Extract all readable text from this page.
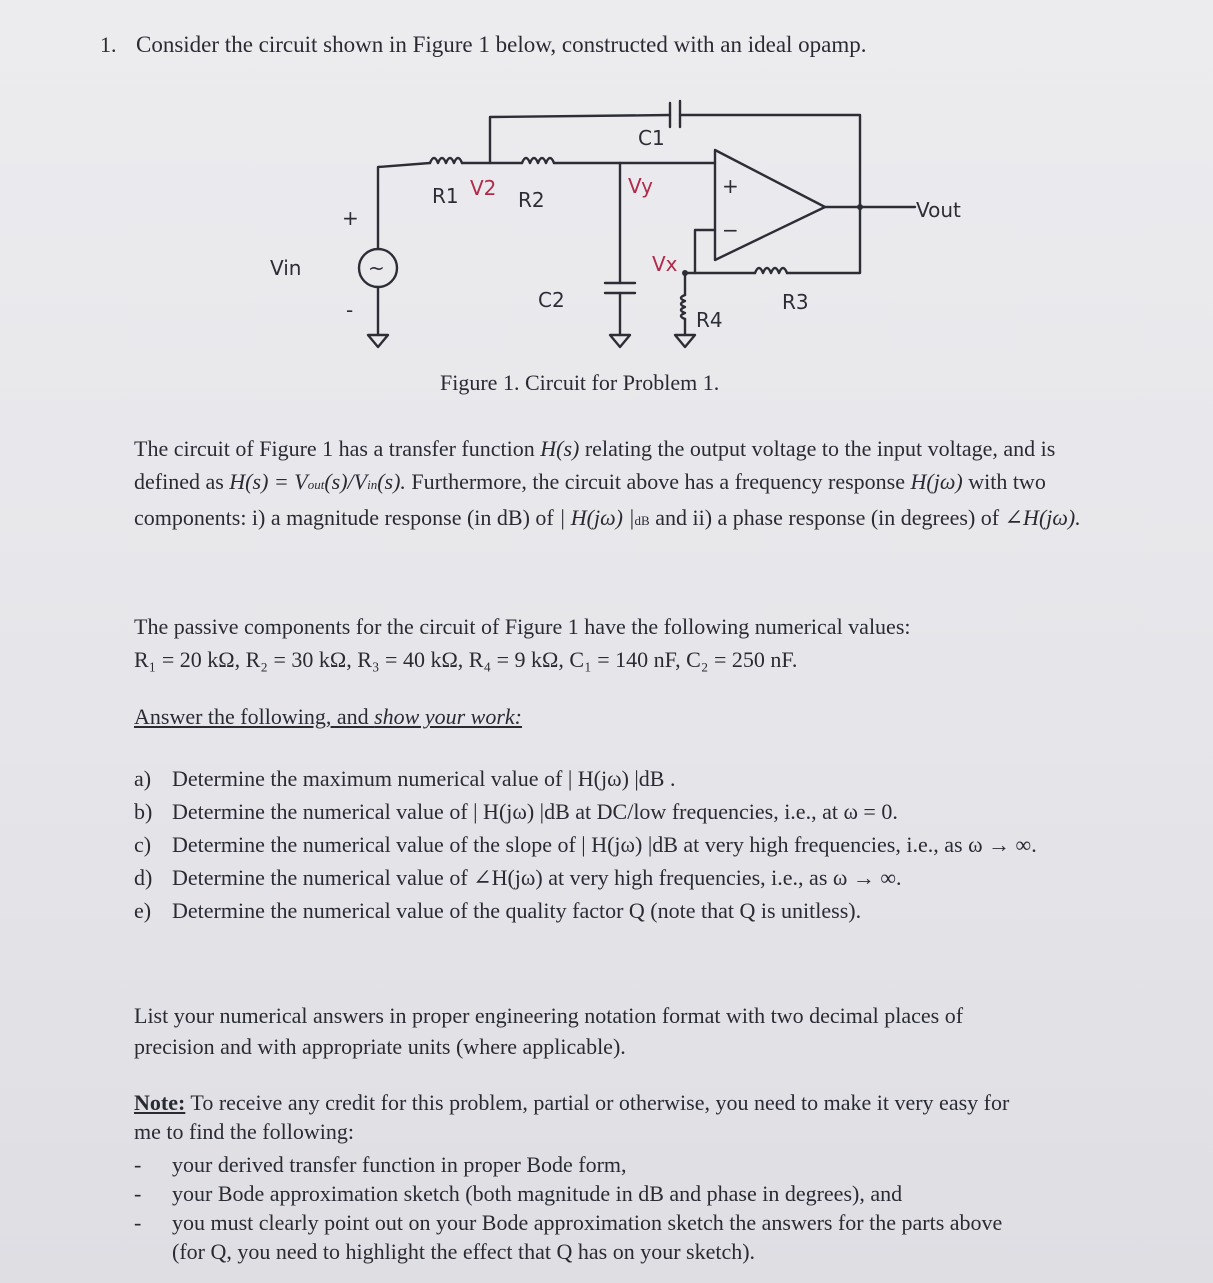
1. Consider the circuit shown in Figure 1 below, constructed with an ideal opamp.
Vin
+
-
~
R1 V2 R2
C1
Vy
Vx
C2
R4
R3
+
−
Vout
Figure 1. Circuit for Problem 1.
The circuit of Figure 1 has a transfer function H(s) relating the output voltage to the input voltage, and is defined as H(s) = Vout(s)/Vin(s). Furthermore, the circuit above has a frequency response H(jω) with two components: i) a magnitude response (in dB) of | H(jω) |dB and ii) a phase response (in degrees) of ∠H(jω).
The passive components for the circuit of Figure 1 have the following numerical values:
R₁ = 20 kΩ, R₂ = 30 kΩ, R₃ = 40 kΩ, R₄ = 9 kΩ, C₁ = 140 nF, C₂ = 250 nF.
Answer the following, and show your work:
a) Determine the maximum numerical value of | H(jω) |dB .
b) Determine the numerical value of | H(jω) |dB at DC/low frequencies, i.e., at ω = 0.
c) Determine the numerical value of the slope of | H(jω) |dB at very high frequencies, i.e., as ω → ∞.
d) Determine the numerical value of ∠H(jω) at very high frequencies, i.e., as ω → ∞.
e) Determine the numerical value of the quality factor Q (note that Q is unitless).
List your numerical answers in proper engineering notation format with two decimal places of precision and with appropriate units (where applicable).
Note: To receive any credit for this problem, partial or otherwise, you need to make it very easy for me to find the following:
-	your derived transfer function in proper Bode form,
-	your Bode approximation sketch (both magnitude in dB and phase in degrees), and
-	you must clearly point out on your Bode approximation sketch the answers for the parts above (for Q, you need to highlight the effect that Q has on your sketch).
